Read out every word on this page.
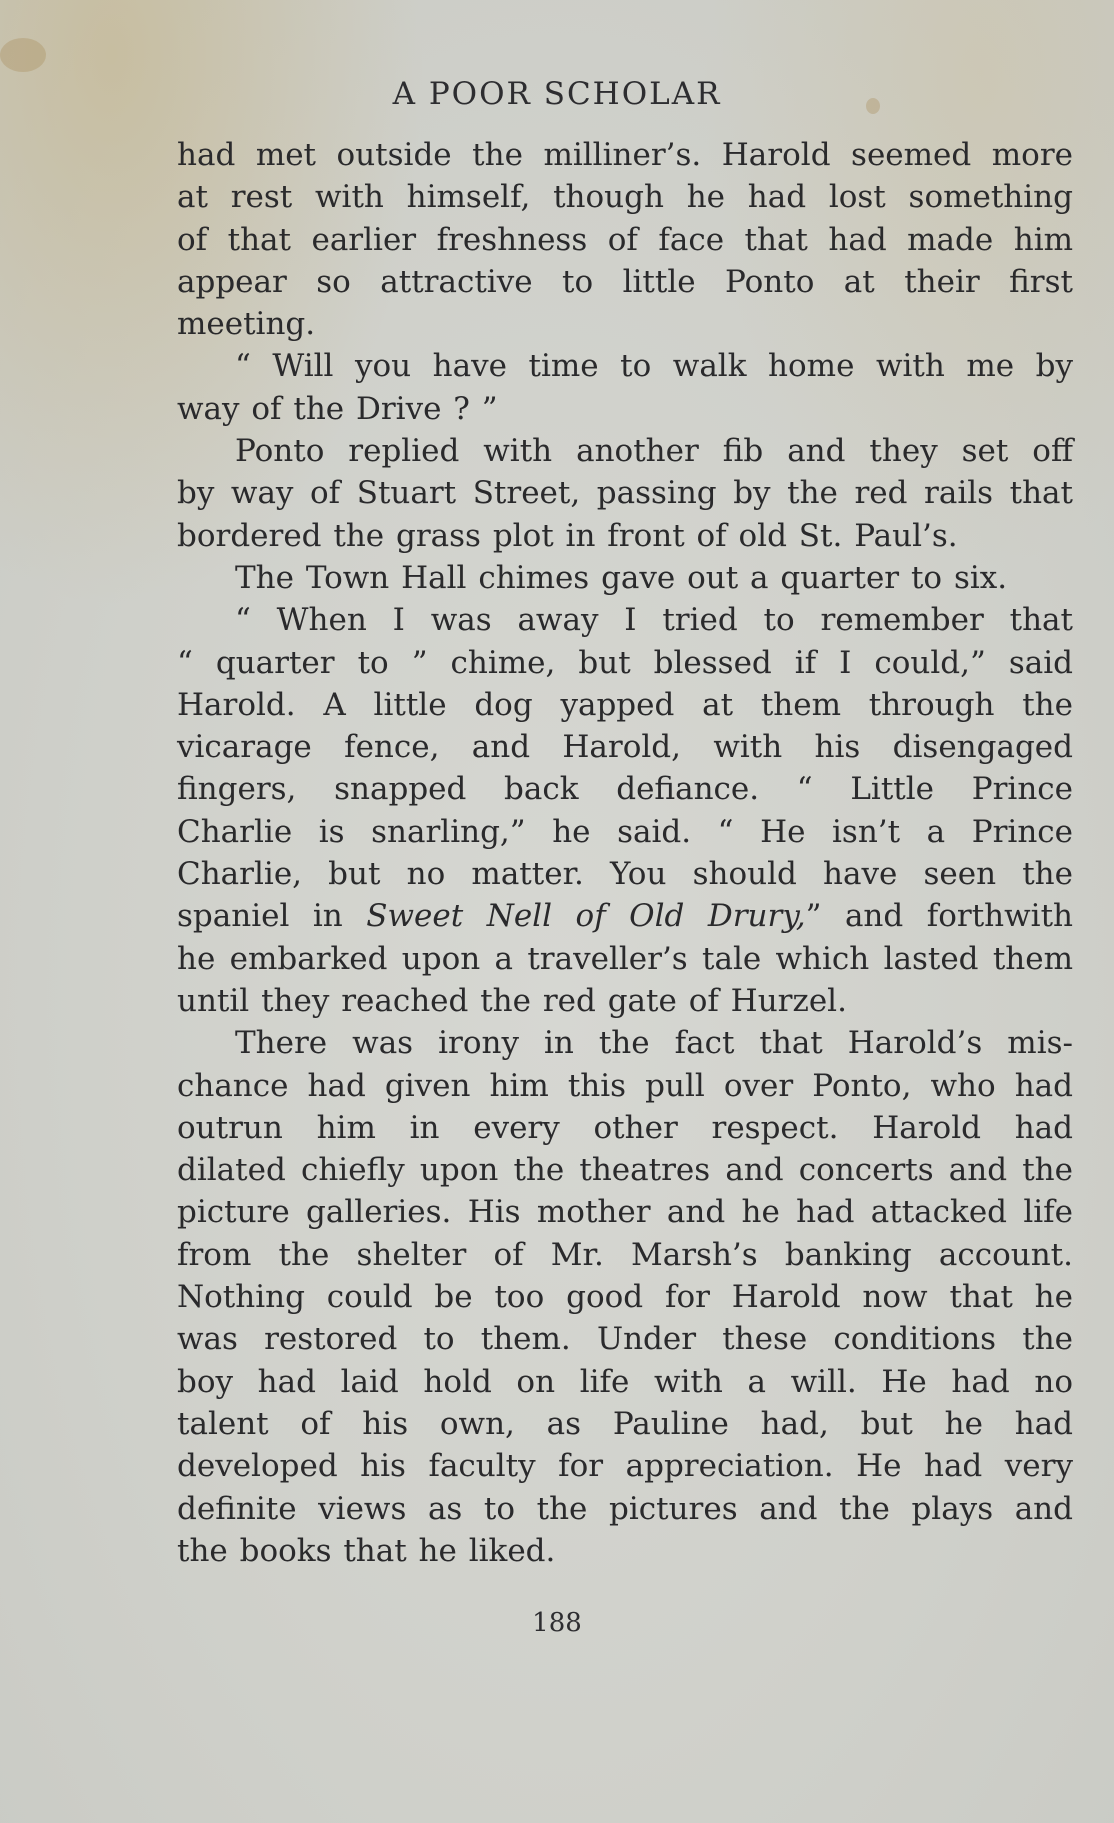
A POOR SCHOLAR
had met outside the milliner’s. Harold seemed more
at rest with himself, though he had lost something
of that earlier freshness of face that had made him
appear so attractive to little Ponto at their first
meeting.
“ Will you have time to walk home with me by
way of the Drive ? ”
Ponto replied with another fib and they set off
by way of Stuart Street, passing by the red rails that
bordered the grass plot in front of old St. Paul’s.
The Town Hall chimes gave out a quarter to six.
“ When I was away I tried to remember that
“ quarter to ” chime, but blessed if I could,” said
Harold. A little dog yapped at them through the
vicarage fence, and Harold, with his disengaged
fingers, snapped back defiance. “ Little Prince
Charlie is snarling,” he said. “ He isn’t a Prince
Charlie, but no matter. You should have seen the
spaniel in Sweet Nell of Old Drury,” and forthwith
he embarked upon a traveller’s tale which lasted them
until they reached the red gate of Hurzel.
There was irony in the fact that Harold’s mis-
chance had given him this pull over Ponto, who had
outrun him in every other respect. Harold had
dilated chiefly upon the theatres and concerts and the
picture galleries. His mother and he had attacked life
from the shelter of Mr. Marsh’s banking account.
Nothing could be too good for Harold now that he
was restored to them. Under these conditions the
boy had laid hold on life with a will. He had no
talent of his own, as Pauline had, but he had
developed his faculty for appreciation. He had very
definite views as to the pictures and the plays and
the books that he liked.
188
